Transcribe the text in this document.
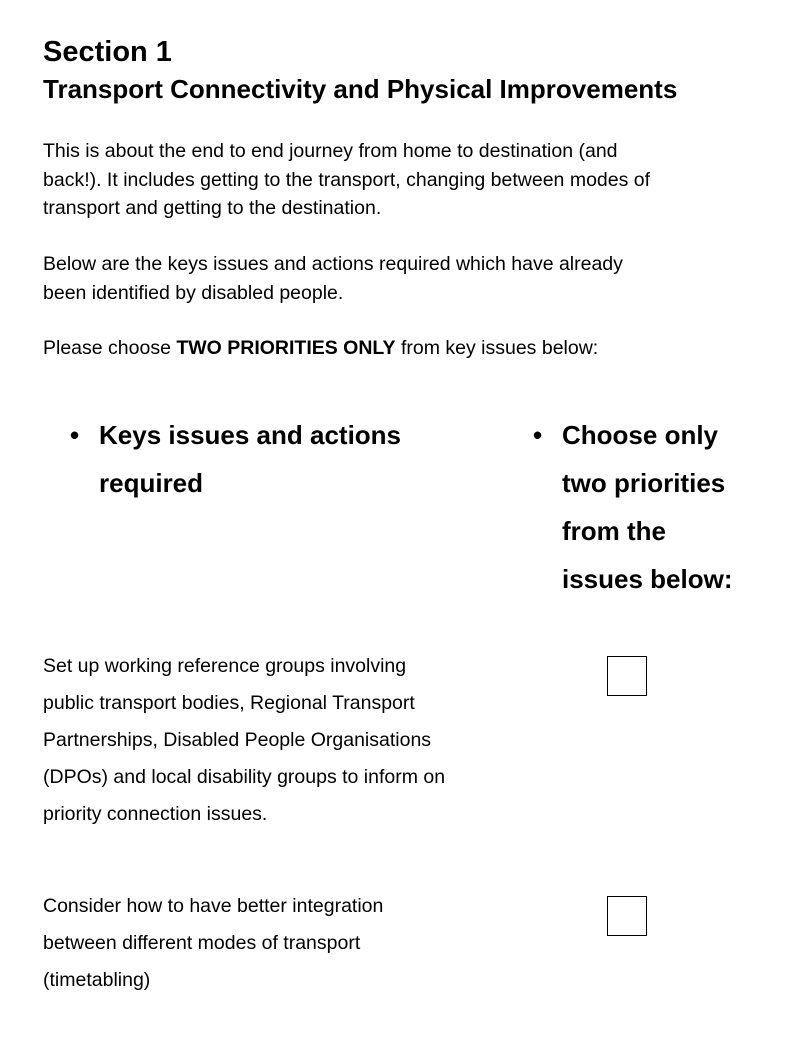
Section 1
Transport Connectivity and Physical Improvements
This is about the end to end journey from home to destination (and
back!). It includes getting to the transport, changing between modes of
transport and getting to the destination.
Below are the keys issues and actions required which have already
been identified by disabled people.
Please choose TWO PRIORITIES ONLY from key issues below:
• Keys issues and actions
required
• Choose only
two priorities
from the
issues below:
Set up working reference groups involving
public transport bodies, Regional Transport
Partnerships, Disabled People Organisations
(DPOs) and local disability groups to inform on
priority connection issues.
Consider how to have better integration
between different modes of transport
(timetabling)
